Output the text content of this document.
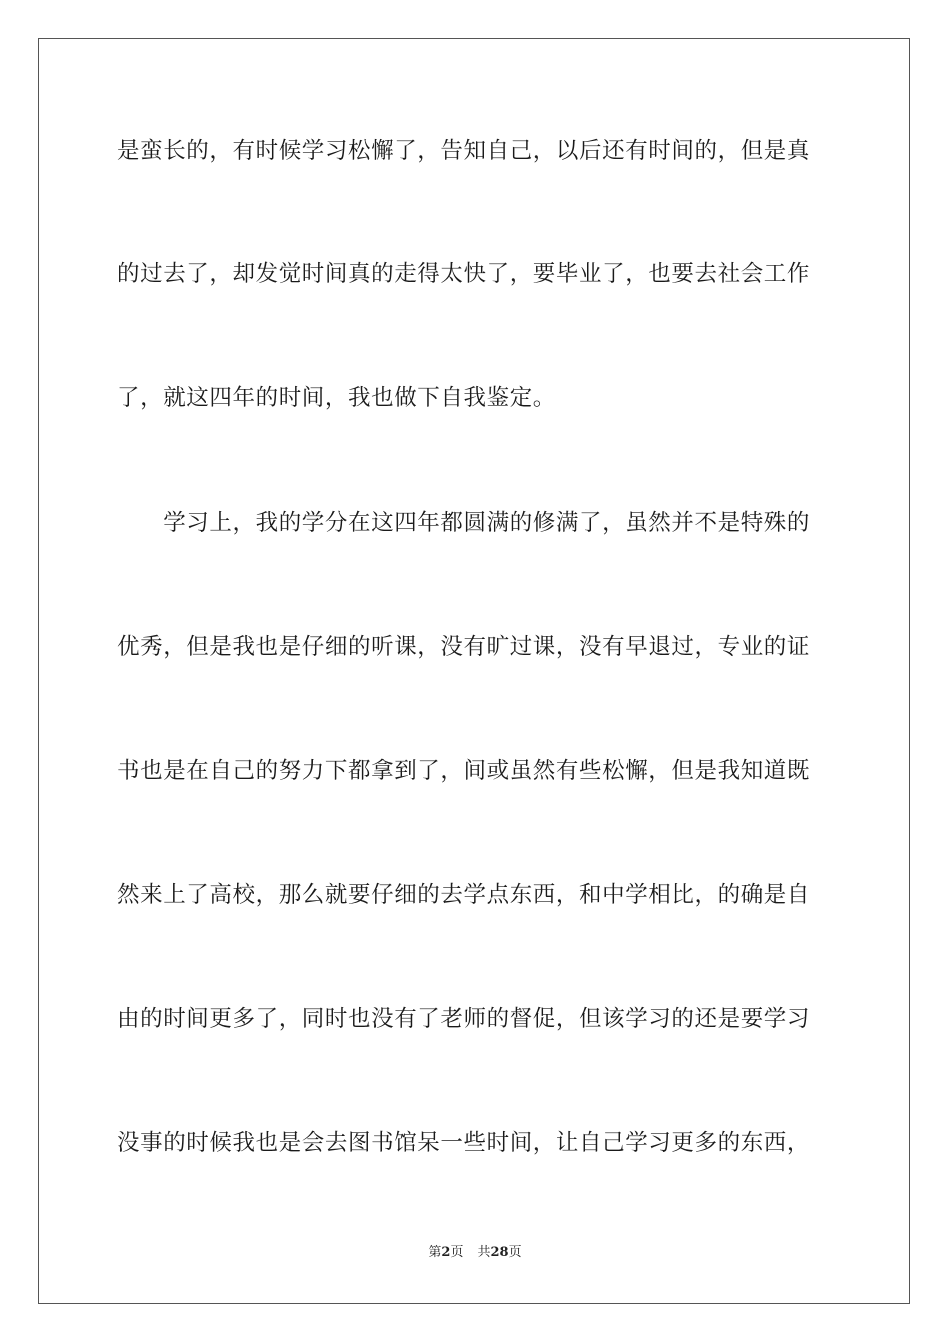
是蛮长的，有时候学习松懈了，告知自己，以后还有时间的，但是真
的过去了，却发觉时间真的走得太快了，要毕业了，也要去社会工作
了，就这四年的时间，我也做下自我鉴定。
　　学习上，我的学分在这四年都圆满的修满了，虽然并不是特殊的
优秀，但是我也是仔细的听课，没有旷过课，没有早退过，专业的证
书也是在自己的努力下都拿到了，间或虽然有些松懈，但是我知道既
然来上了高校，那么就要仔细的去学点东西，和中学相比，的确是自
由的时间更多了，同时也没有了老师的督促，但该学习的还是要学习
没事的时候我也是会去图书馆呆一些时间，让自己学习更多的东西，
第2页 共28页
